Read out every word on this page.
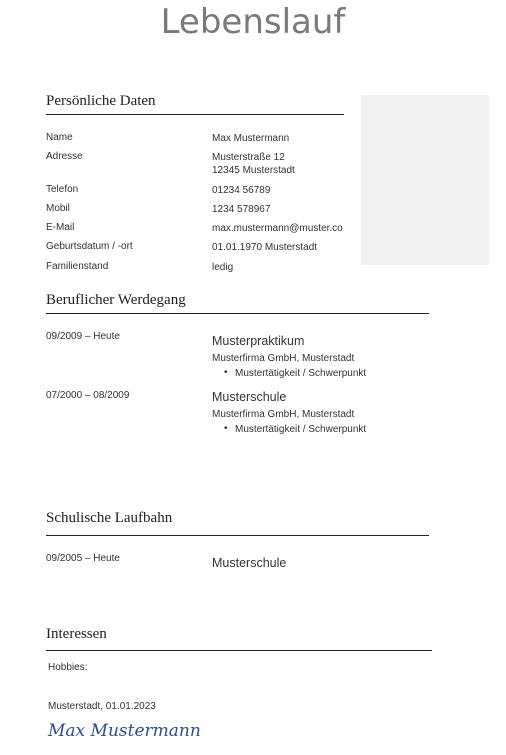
Lebenslauf
Persönliche Daten
Name	Max Mustermann
Adresse	Musterstraße 12
12345 Musterstadt
Telefon	01234 56789
Mobil	1234 578967
E-Mail	max.mustermann@muster.co
Geburtsdatum / -ort	01.01.1970 Musterstadt
Familienstand	ledig
Beruflicher Werdegang
09/2009 – Heute	Musterpraktikum
Musterfirma GmbH, Musterstadt
• Mustertätigkeit / Schwerpunkt
07/2000 – 08/2009	Musterschule
Musterfirma GmbH, Musterstadt
• Mustertätigkeit / Schwerpunkt
Schulische Laufbahn
09/2005 – Heute	Musterschule
Interessen
Hobbies:
Musterstadt, 01.01.2023
Max Mustermann
